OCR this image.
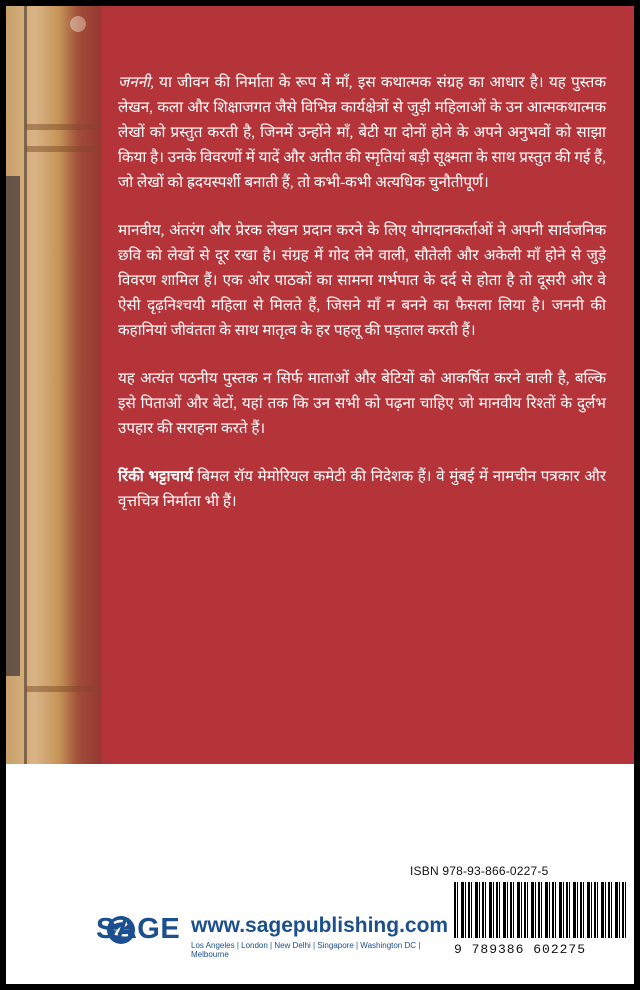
जननी, या जीवन की निर्माता के रूप में माँ, इस कथात्मक संग्रह का आधार है। यह पुस्तक लेखन, कला और शिक्षाजगत जैसे विभिन्न कार्यक्षेत्रों से जुड़ी महिलाओं के उन आत्मकथात्मक लेखों को प्रस्तुत करती है, जिनमें उन्होंने माँ, बेटी या दोनों होने के अपने अनुभवों को साझा किया है। उनके विवरणों में यादें और अतीत की स्मृतियां बड़ी सूक्ष्मता के साथ प्रस्तुत की गई हैं, जो लेखों को ह्रदयस्पर्शी बनाती हैं, तो कभी-कभी अत्यधिक चुनौतीपूर्ण।

मानवीय, अंतरंग और प्रेरक लेखन प्रदान करने के लिए योगदानकर्ताओं ने अपनी सार्वजनिक छवि को लेखों से दूर रखा है। संग्रह में गोद लेने वाली, सौतेली और अकेली माँ होने से जुड़े विवरण शामिल हैं। एक ओर पाठकों का सामना गर्भपात के दर्द से होता है तो दूसरी ओर वे ऐसी दृढ़निश्चयी महिला से मिलते हैं, जिसने माँ न बनने का फैसला लिया है। जननी की कहानियां जीवंतता के साथ मातृत्व के हर पहलू की पड़ताल करती हैं।

यह अत्यंत पठनीय पुस्तक न सिर्फ माताओं और बेटियों को आकर्षित करने वाली है, बल्कि इसे पिताओं और बेटों, यहां तक कि उन सभी को पढ़ना चाहिए जो मानवीय रिश्तों के दुर्लभ उपहार की सराहना करते हैं।

रिंकी भट्टाचार्य बिमल रॉय मेमोरियल कमेटी की निदेशक हैं। वे मुंबई में नामचीन पत्रकार और वृत्तचित्र निर्माता भी हैं।

ISBN 978-93-866-0227-5
9 789386 602275
SAGE www.sagepublishing.com
Los Angeles | London | New Delhi | Singapore | Washington DC | Melbourne
